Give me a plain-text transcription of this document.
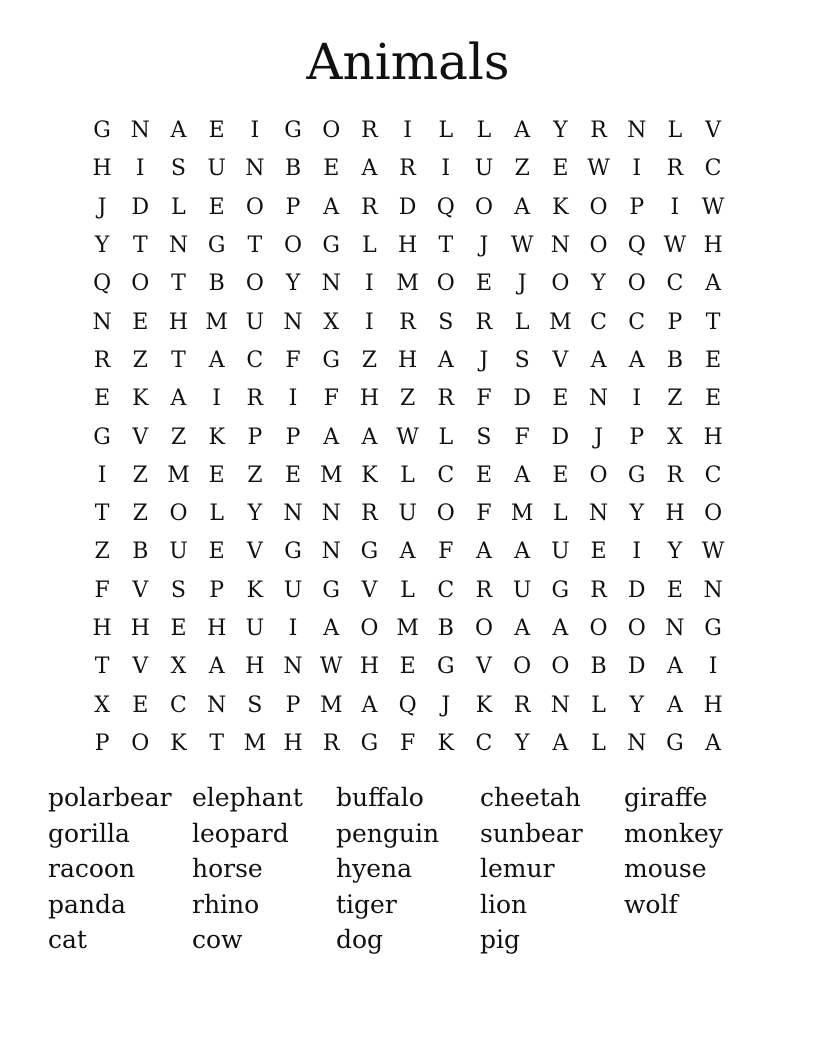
Animals
G N A	E	I	G O R	I	L	L	A	Y	R N L	V
H	I	S U N B	E	A R	I	U Z	E W	I	R C
J	D	L	E O P	A R D Q O A	K O P	I	W
Y	T N G	T O G	L H T	J	W N O Q W H
Q O T	B O Y N	I	M O E	J	O Y O C A
N E H M U N X	I	R	S	R	L M C C	P	T
R	Z	T	A C	F G Z H A	J	S	V	A	A	B	E
E K	A	I	R	I	F H Z	R	F D E N	I	Z	E
G V	Z	K	P	P	A	A W L	S	F D	J	P	X H
I	Z M E	Z	E M K	L	C E	A	E O G R C
T	Z O L	Y N N R U O F M L N Y H O
Z	B U E	V G N G A	F	A	A U E	I	Y W
F	V	S	P	K U G V	L	C R U G R D E N
H H E H U	I	A O M B O A	A O O N G
T	V	X	A H N W H E G V O O B D A	I
X	E C N S	P M A Q	J	K R N L	Y	A H
P O K	T M H R G F	K C	Y	A	L N G A
polarbear elephant	buffalo	cheetah	giraffe
gorilla	leopard	penguin	sunbear	monkey
racoon	horse	hyena	lemur	mouse
panda	rhino	tiger	lion	wolf
cat	cow	dog	pig
